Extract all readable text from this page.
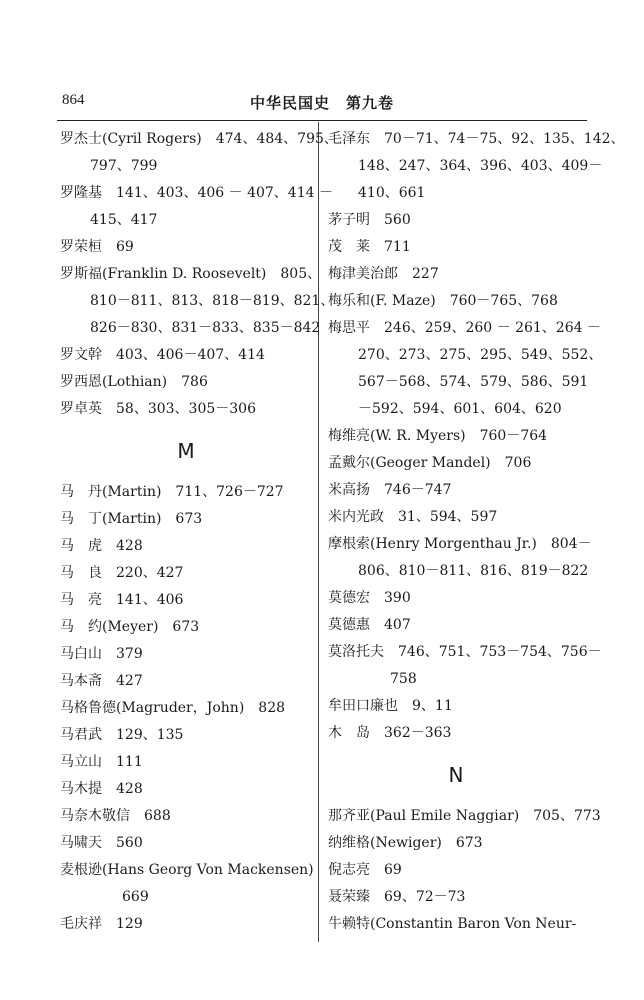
864	中华民国史　第九卷
罗杰士(Cyril Rogers)　474、484、795、
797、799
罗隆基　141、403、406 － 407、414 －
415、417
罗荣桓　69
罗斯福(Franklin D. Roosevelt)　805、
810－811、813、818－819、821、
826－830、831－833、835－842
罗文幹　403、406－407、414
罗西恩(Lothian)　786
罗卓英　58、303、305－306
M
马　丹(Martin)　711、726－727
马　丁(Martin)　673
马　虎　428
马　良　220、427
马　亮　141、406
马　约(Meyer)　673
马白山　379
马本斋　427
马格鲁德(Magruder，John)　828
马君武　129、135
马立山　111
马木提　428
马奈木敬信　688
马啸天　560
麦根逊(Hans Georg Von Mackensen)
669
毛庆祥　129
毛泽东　70－71、74－75、92、135、142、
148、247、364、396、403、409－
410、661
茅子明　560
茂　莱　711
梅津美治郎　227
梅乐和(F. Maze)　760－765、768
梅思平　246、259、260 － 261、264 －
270、273、275、295、549、552、
567－568、574、579、586、591
－592、594、601、604、620
梅维亮(W. R. Myers)　760－764
孟戴尔(Geoger Mandel)　706
米高扬　746－747
米内光政　31、594、597
摩根索(Henry Morgenthau Jr.)　804－
806、810－811、816、819－822
莫德宏　390
莫德惠　407
莫洛托夫　746、751、753－754、756－
758
牟田口廉也　9、11
木　岛　362－363
N
那齐亚(Paul Emile Naggiar)　705、773
纳维格(Newiger)　673
倪志亮　69
聂荣臻　69、72－73
牛赖特(Constantin Baron Von Neur-
